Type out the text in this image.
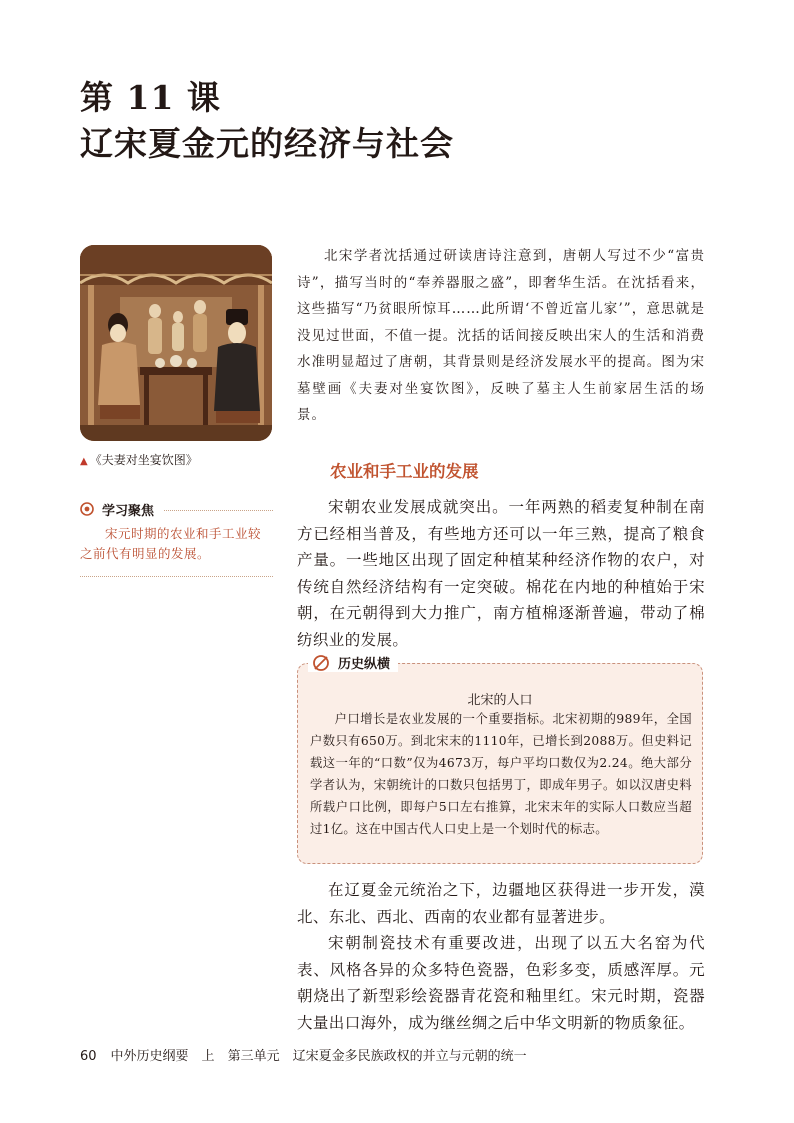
第 11 课
辽宋夏金元的经济与社会
▲ 《夫妻对坐宴饮图》
学习聚焦
宋元时期的农业和手工业较之前代有明显的发展。

北宋学者沈括通过研读唐诗注意到，唐朝人写过不少“富贵诗”，描写当时的“奉养器服之盛”，即奢华生活。在沈括看来，这些描写“乃贫眼所惊耳……此所谓‘不曾近富儿家’”，意思就是没见过世面，不值一提。沈括的话间接反映出宋人的生活和消费水准明显超过了唐朝，其背景则是经济发展水平的提高。图为宋墓壁画《夫妻对坐宴饮图》，反映了墓主人生前家居生活的场景。

农业和手工业的发展

宋朝农业发展成就突出。一年两熟的稻麦复种制在南方已经相当普及，有些地方还可以一年三熟，提高了粮食产量。一些地区出现了固定种植某种经济作物的农户，对传统自然经济结构有一定突破。棉花在内地的种植始于宋朝，在元朝得到大力推广，南方植棉逐渐普遍，带动了棉纺织业的发展。

历史纵横
北宋的人口

户口增长是农业发展的一个重要指标。北宋初期的989年，全国户数只有650万。到北宋末的1110年，已增长到2088万。但史料记载这一年的“口数”仅为4673万，每户平均口数仅为2.24。绝大部分学者认为，宋朝统计的口数只包括男丁，即成年男子。如以汉唐史料所载户口比例，即每户5口左右推算，北宋末年的实际人口数应当超过1亿。这在中国古代人口史上是一个划时代的标志。

在辽夏金元统治之下，边疆地区获得进一步开发，漠北、东北、西北、西南的农业都有显著进步。

宋朝制瓷技术有重要改进，出现了以五大名窑为代表、风格各异的众多特色瓷器，色彩多变，质感浑厚。元朝烧出了新型彩绘瓷器青花瓷和釉里红。宋元时期，瓷器大量出口海外，成为继丝绸之后中华文明新的物质象征。

60 中外历史纲要　上　 第三单元　辽宋夏金多民族政权的并立与元朝的统一
